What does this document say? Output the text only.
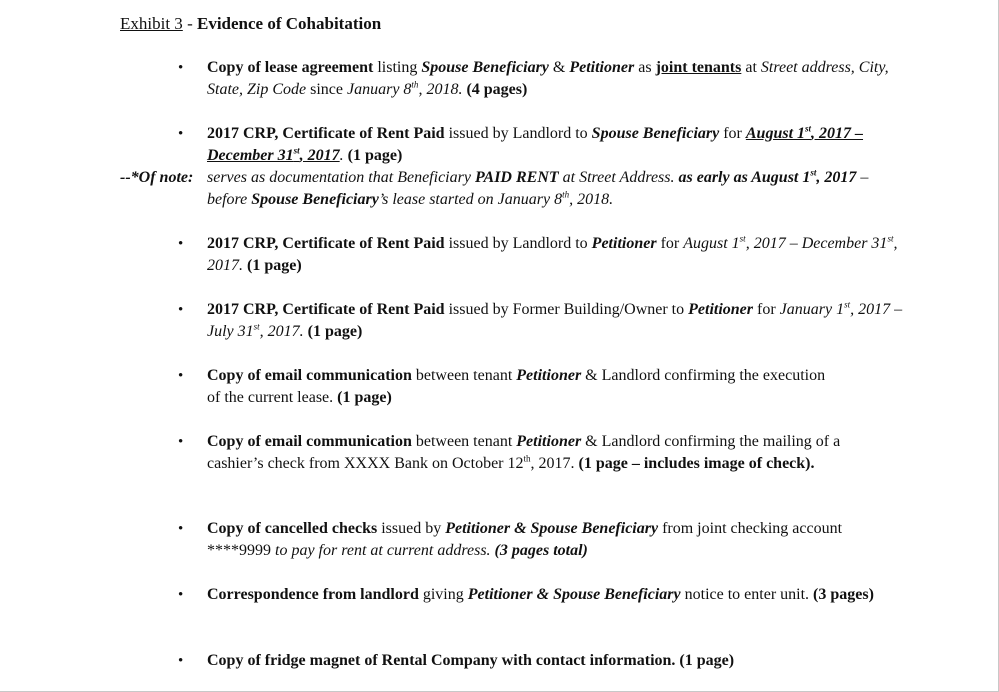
Exhibit 3 - Evidence of Cohabitation
• Copy of lease agreement listing Spouse Beneficiary & Petitioner as joint tenants at Street address, City, State, Zip Code since January 8th, 2018. (4 pages)
• 2017 CRP, Certificate of Rent Paid issued by Landlord to Spouse Beneficiary for August 1st, 2017 – December 31st, 2017. (1 page)
--*Of note: serves as documentation that Beneficiary PAID RENT at Street Address. as early as August 1st, 2017 – before Spouse Beneficiary’s lease started on January 8th, 2018.
• 2017 CRP, Certificate of Rent Paid issued by Landlord to Petitioner for August 1st, 2017 – December 31st, 2017. (1 page)
• 2017 CRP, Certificate of Rent Paid issued by Former Building/Owner to Petitioner for January 1st, 2017 – July 31st, 2017. (1 page)
• Copy of email communication between tenant Petitioner & Landlord confirming the execution of the current lease. (1 page)
• Copy of email communication between tenant Petitioner & Landlord confirming the mailing of a cashier’s check from XXXX Bank on October 12th, 2017. (1 page – includes image of check).
• Copy of cancelled checks issued by Petitioner & Spouse Beneficiary from joint checking account ****9999 to pay for rent at current address. (3 pages total)
• Correspondence from landlord giving Petitioner & Spouse Beneficiary notice to enter unit. (3 pages)
• Copy of fridge magnet of Rental Company with contact information. (1 page)
